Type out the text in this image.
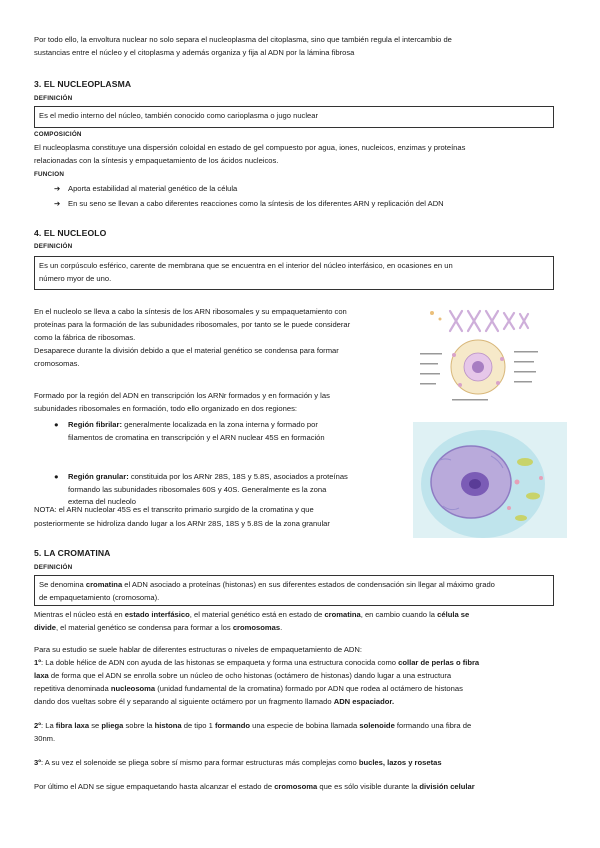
Por todo ello, la envoltura nuclear no solo separa el nucleoplasma del citoplasma, sino que también regula el intercambio de

sustancias entre el núcleo y el citoplasma y además organiza y fija al ADN por la lámina fibrosa

3. EL NUCLEOPLASMA

DEFINICIÓN

Es el medio interno del núcleo, también conocido como carioplasma o jugo nuclear

COMPOSICIÓN

El nucleoplasma constituye una dispersión coloidal en estado de gel compuesto por agua, iones, nucleicos, enzimas y proteínas

relacionadas con la síntesis y empaquetamiento de los ácidos nucleicos.

FUNCION

➔ Aporta estabilidad al material genético de la célula

➔ En su seno se llevan a cabo diferentes reacciones como la síntesis de los diferentes ARN y replicación del ADN

4. EL NUCLEOLO

DEFINICIÓN

Es un corpúsculo esférico, carente de membrana que se encuentra en el interior del núcleo interfásico, en ocasiones en un
número myor de uno.

En el nucleolo se lleva a cabo la síntesis de los ARN ribosomales y su empaquetamiento con

proteínas para la formación de las subunidades ribosomales, por tanto se le puede considerar

como la fábrica de ribosomas.

Desaparece durante la división debido a que el material genético se condensa para formar

cromosomas.

Formado por la región del ADN en transcripción los ARNr formados y en formación y las

subunidades ribosomales en formación, todo ello organizado en dos regiones:

● Región fibrilar: generalmente localizada en la zona interna y formado por
filamentos de cromatina en transcripción y el ARN nuclear 45S en formación
● Región granular: constituida por los ARNr 28S, 18S y 5.8S, asociados a proteínas
formando las subunidades ribosomales 60S y 40S. Generalmente es la zona
externa del nucleolo

NOTA: el ARN nucleolar 45S es el transcrito primario surgido de la cromatina y que

posteriormente se hidroliza dando lugar a los ARNr 28S, 18S y 5.8S de la zona granular

5. LA CROMATINA

DEFINICIÓN

Se denomina cromatina el ADN asociado a proteínas (histonas) en sus diferentes estados de condensación sin llegar al máximo grado
de empaquetamiento (cromosoma).

Mientras el núcleo está en estado interfásico, el material genético está en estado de cromatina, en cambio cuando la célula se

divide, el material genético se condensa para formar a los cromosomas.

Para su estudio se suele hablar de diferentes estructuras o niveles de empaquetamiento de ADN:

1º: La doble hélice de ADN con ayuda de las histonas se empaqueta y forma una estructura conocida como collar de perlas o fibra

laxa de forma que el ADN se enrolla sobre un núcleo de ocho histonas (octámero de histonas) dando lugar a una estructura

repetitiva denominada nucleosoma (unidad fundamental de la cromatina) formado por ADN que rodea al octámero de histonas

dando dos vueltas sobre él y separando al siguiente octámero por un fragmento llamado ADN espaciador.

2º: La fibra laxa se pliega sobre la histona de tipo 1 formando una especie de bobina llamada solenoide formando una fibra de

30nm.

3º: A su vez el solenoide se pliega sobre sí mismo para formar estructuras más complejas como bucles, lazos y rosetas

Por último el ADN se sigue empaquetando hasta alcanzar el estado de cromosoma que es sólo visible durante la división celular
